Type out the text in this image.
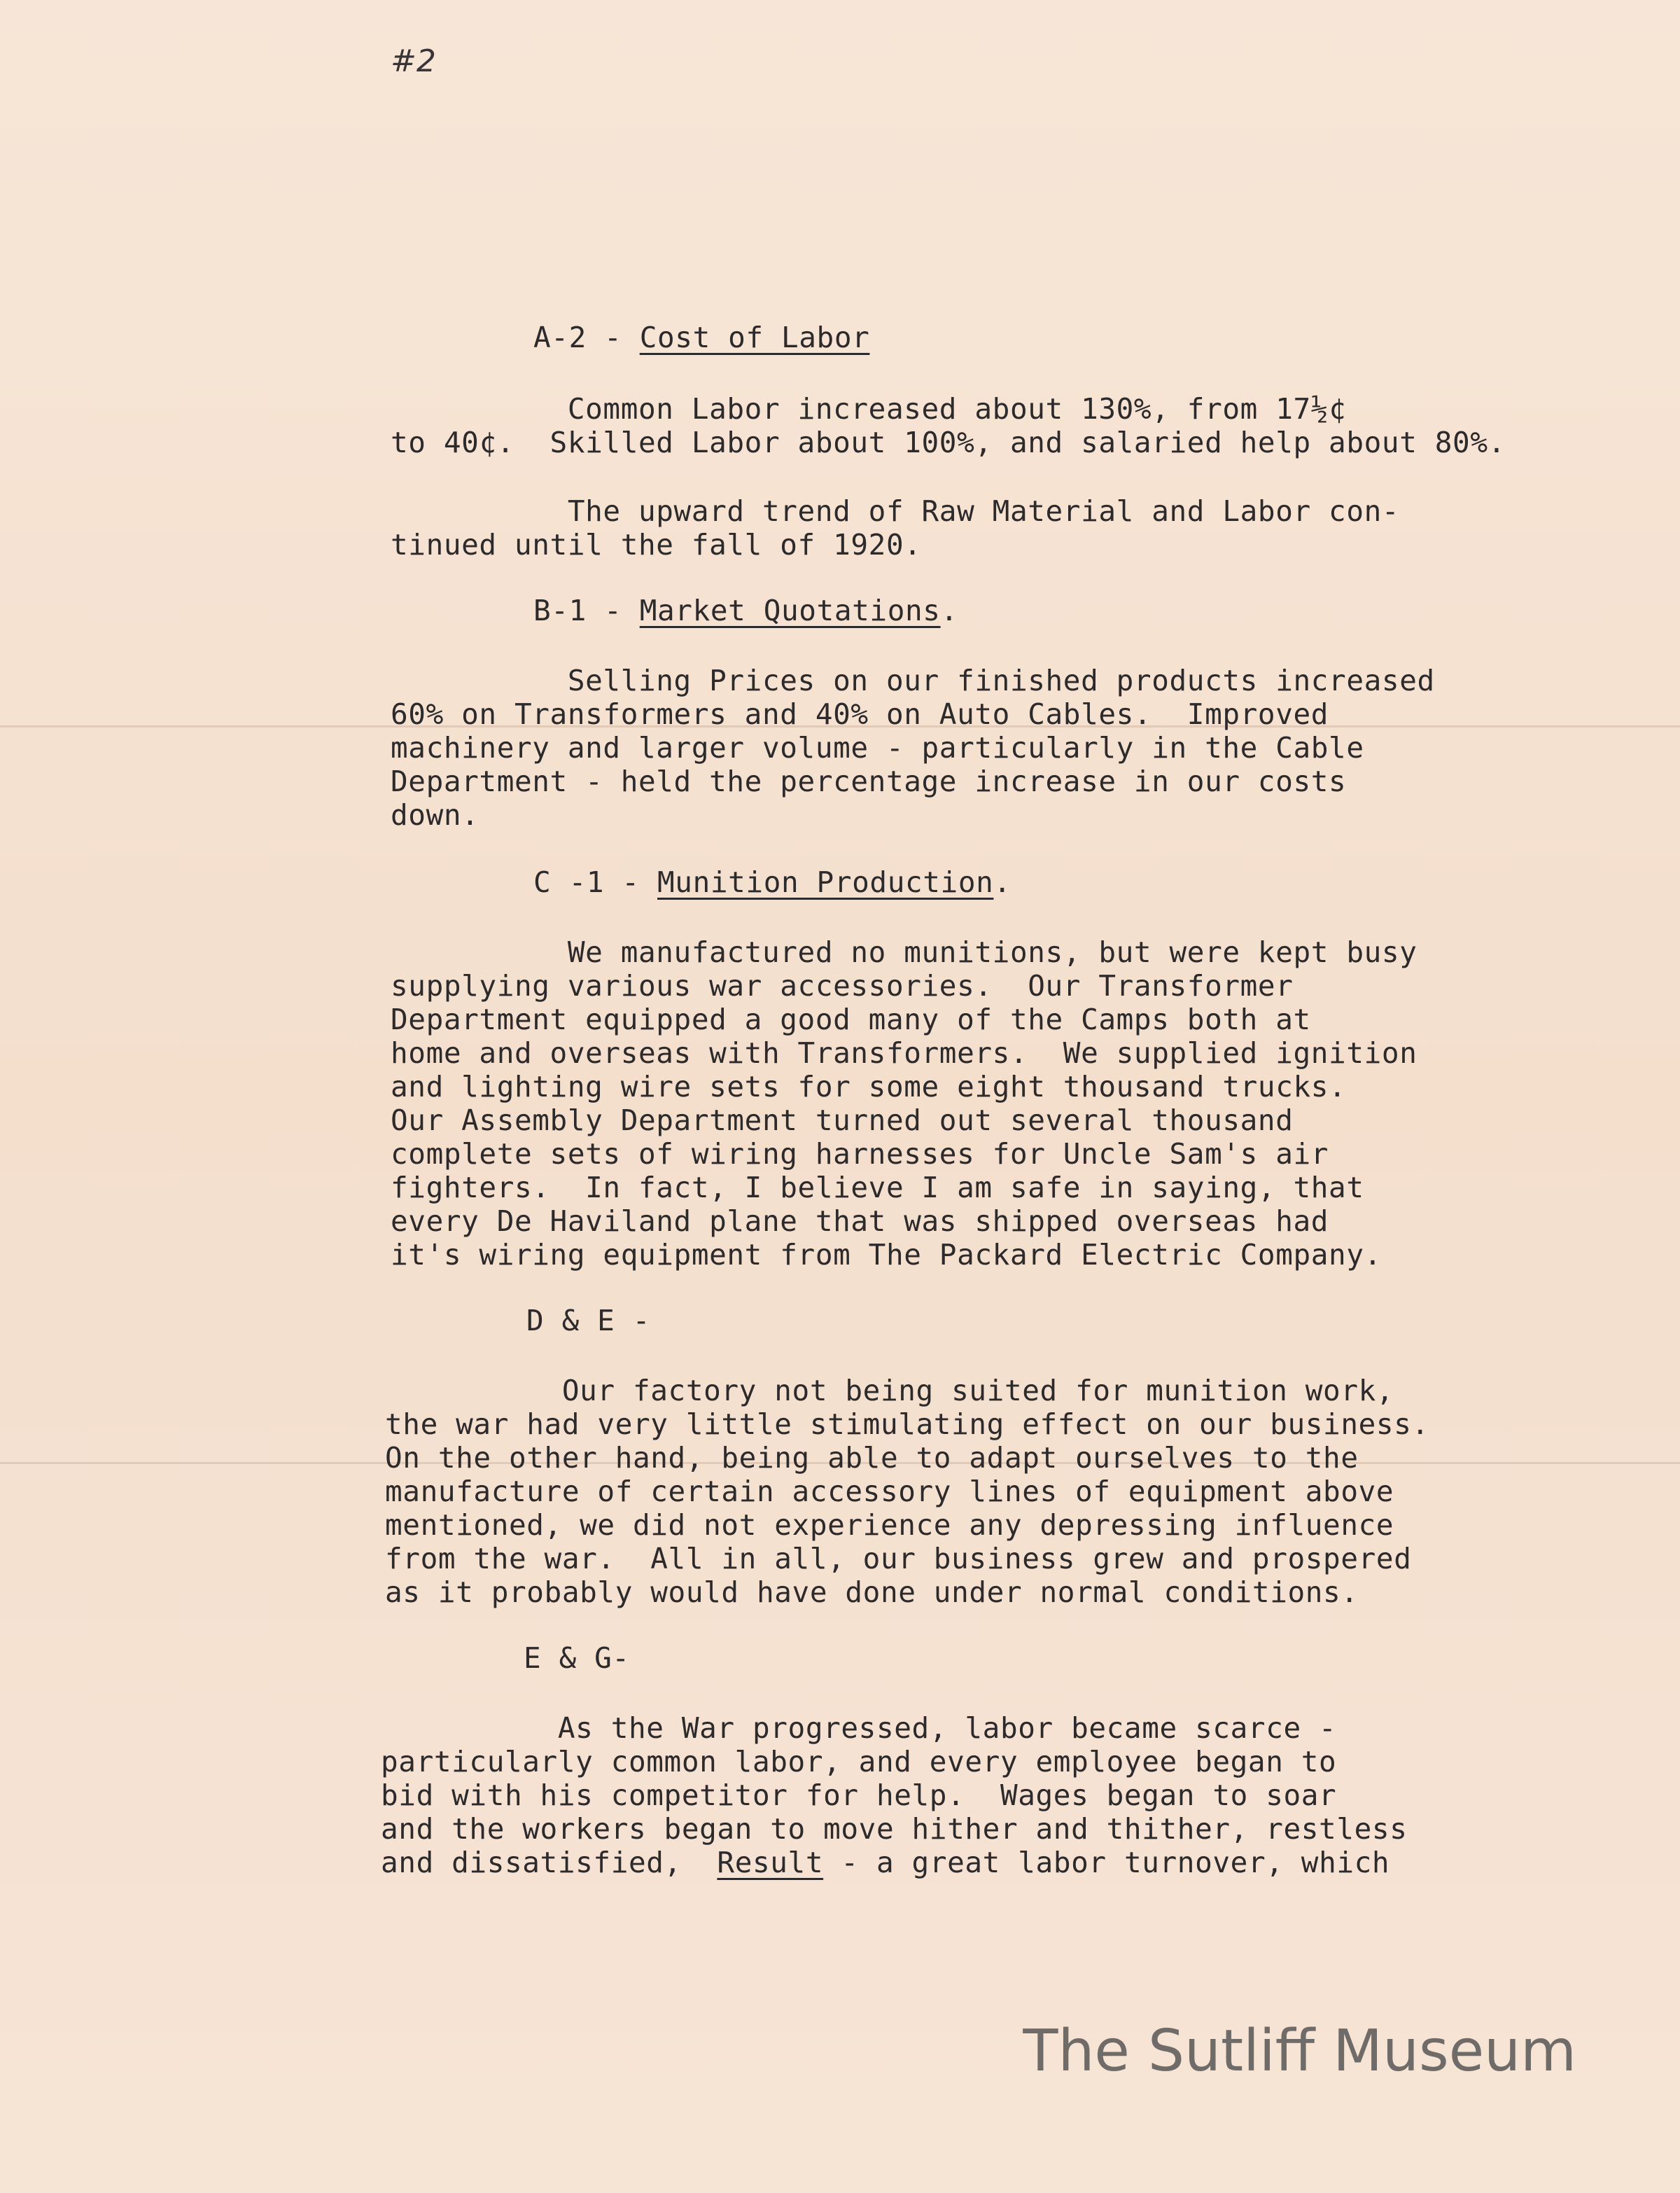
#2
A-2 - Cost of Labor
Common Labor increased about 130%, from 17½¢
to 40¢.  Skilled Labor about 100%, and salaried help about 80%.
The upward trend of Raw Material and Labor con-
tinued until the fall of 1920.
B-1 - Market Quotations.
Selling Prices on our finished products increased
60% on Transformers and 40% on Auto Cables.  Improved
machinery and larger volume - particularly in the Cable
Department - held the percentage increase in our costs
down.
C -1 - Munition Production.
We manufactured no munitions, but were kept busy
supplying various war accessories.  Our Transformer
Department equipped a good many of the Camps both at
home and overseas with Transformers.  We supplied ignition
and lighting wire sets for some eight thousand trucks.
Our Assembly Department turned out several thousand
complete sets of wiring harnesses for Uncle Sam's air
fighters.  In fact, I believe I am safe in saying, that
every De Haviland plane that was shipped overseas had
it's wiring equipment from The Packard Electric Company.
D & E -
Our factory not being suited for munition work,
the war had very little stimulating effect on our business.
On the other hand, being able to adapt ourselves to the
manufacture of certain accessory lines of equipment above
mentioned, we did not experience any depressing influence
from the war.  All in all, our business grew and prospered
as it probably would have done under normal conditions.
E & G-
As the War progressed, labor became scarce -
particularly common labor, and every employee began to
bid with his competitor for help.  Wages began to soar
and the workers began to move hither and thither, restless
and dissatisfied,  Result - a great labor turnover, which
The Sutliff Museum
